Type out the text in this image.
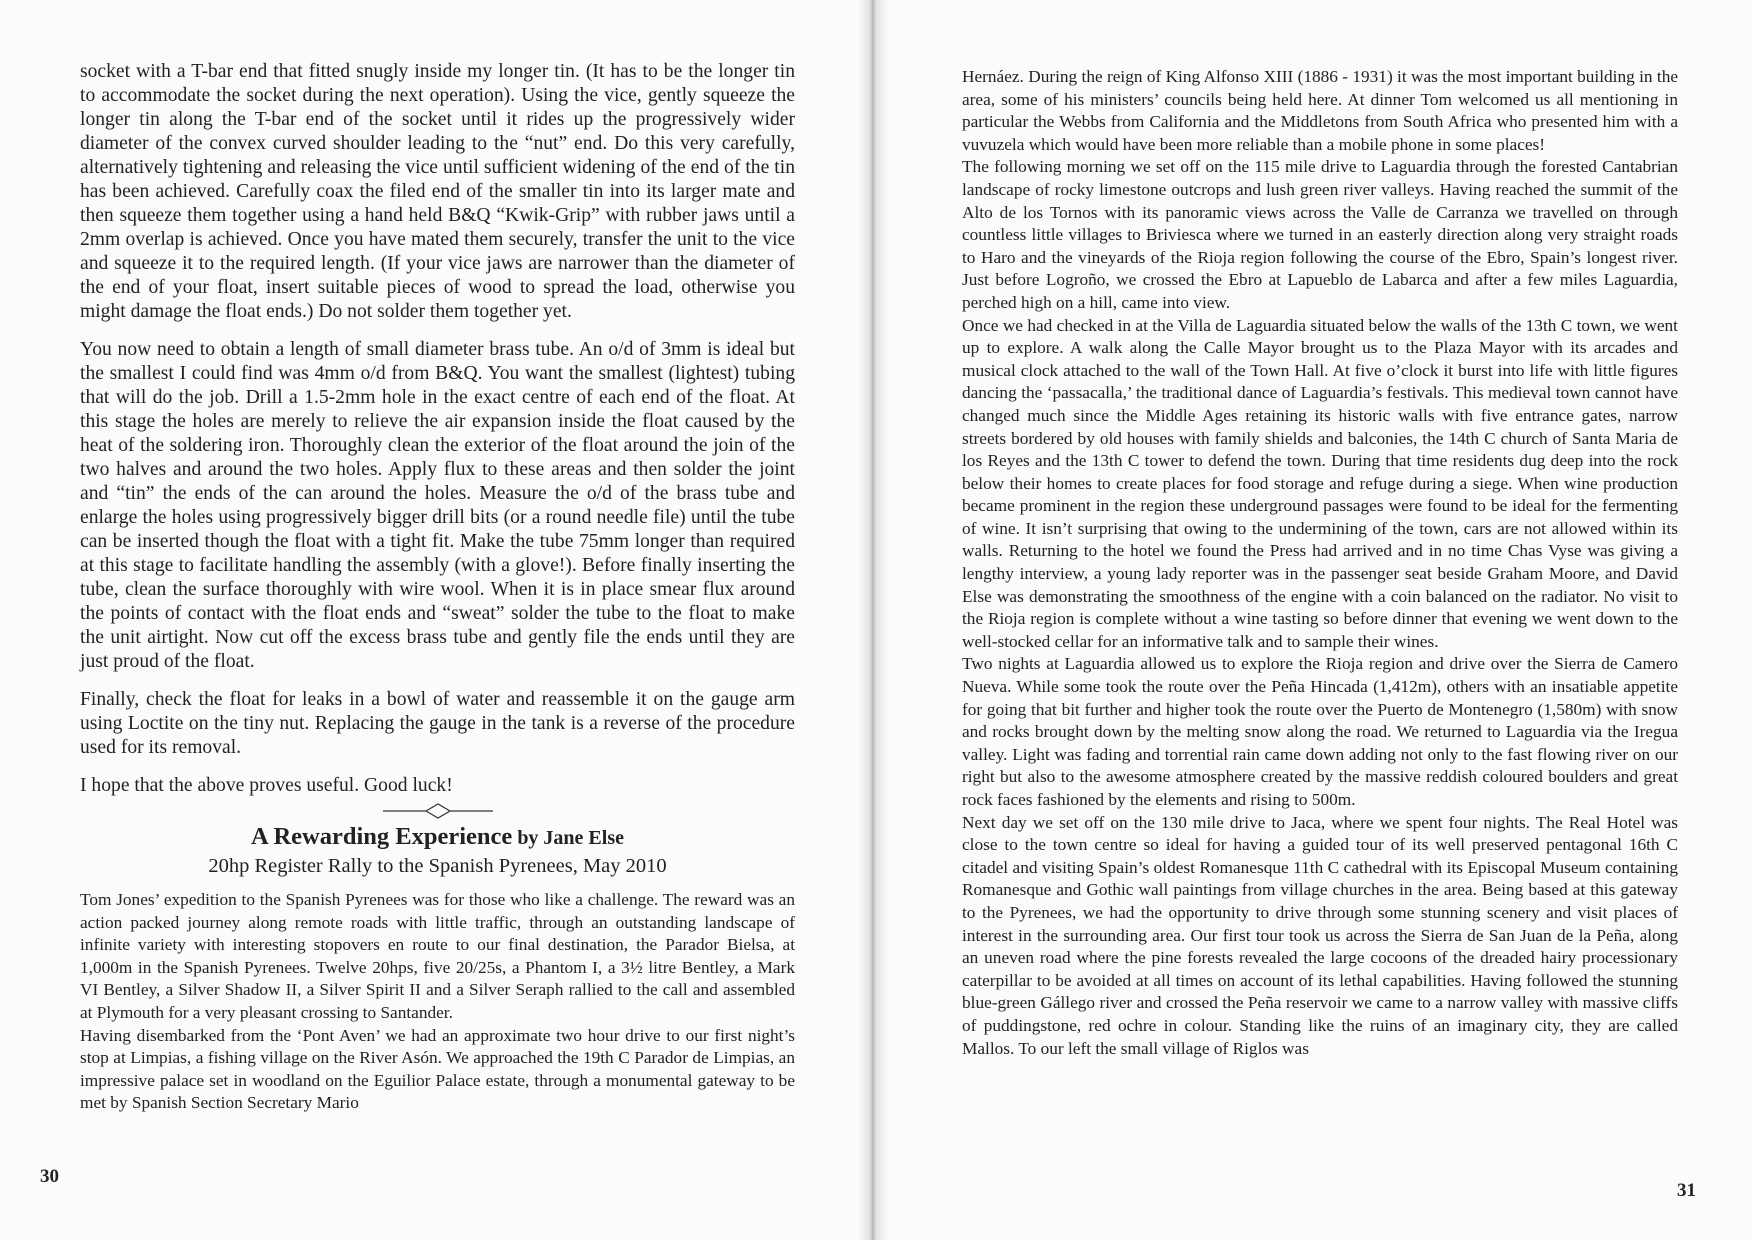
socket with a T-bar end that fitted snugly inside my longer tin. (It has to be the longer tin to accommodate the socket during the next operation). Using the vice, gently squeeze the longer tin along the T-bar end of the socket until it rides up the progressively wider diameter of the convex curved shoulder leading to the “nut” end. Do this very carefully, alternatively tightening and releasing the vice until sufficient widening of the end of the tin has been achieved. Carefully coax the filed end of the smaller tin into its larger mate and then squeeze them together using a hand held B&Q “Kwik-Grip” with rubber jaws until a 2mm overlap is achieved. Once you have mated them securely, transfer the unit to the vice and squeeze it to the required length. (If your vice jaws are narrower than the diameter of the end of your float, insert suitable pieces of wood to spread the load, otherwise you might damage the float ends.) Do not solder them together yet.

You now need to obtain a length of small diameter brass tube. An o/d of 3mm is ideal but the smallest I could find was 4mm o/d from B&Q. You want the smallest (lightest) tubing that will do the job. Drill a 1.5-2mm hole in the exact centre of each end of the float. At this stage the holes are merely to relieve the air expansion inside the float caused by the heat of the soldering iron. Thoroughly clean the exterior of the float around the join of the two halves and around the two holes. Apply flux to these areas and then solder the joint and “tin” the ends of the can around the holes. Measure the o/d of the brass tube and enlarge the holes using progressively bigger drill bits (or a round needle file) until the tube can be inserted though the float with a tight fit. Make the tube 75mm longer than required at this stage to facilitate handling the assembly (with a glove!). Before finally inserting the tube, clean the surface thoroughly with wire wool. When it is in place smear flux around the points of contact with the float ends and “sweat” solder the tube to the float to make the unit airtight. Now cut off the excess brass tube and gently file the ends until they are just proud of the float.

Finally, check the float for leaks in a bowl of water and reassemble it on the gauge arm using Loctite on the tiny nut. Replacing the gauge in the tank is a reverse of the procedure used for its removal.

I hope that the above proves useful. Good luck!

A Rewarding Experience by Jane Else
20hp Register Rally to the Spanish Pyrenees, May 2010

Tom Jones’ expedition to the Spanish Pyrenees was for those who like a challenge. The reward was an action packed journey along remote roads with little traffic, through an outstanding landscape of infinite variety with interesting stopovers en route to our final destination, the Parador Bielsa, at 1,000m in the Spanish Pyrenees. Twelve 20hps, five 20/25s, a Phantom I, a 3½ litre Bentley, a Mark VI Bentley, a Silver Shadow II, a Silver Spirit II and a Silver Seraph rallied to the call and assembled at Plymouth for a very pleasant crossing to Santander.

Having disembarked from the ‘Pont Aven’ we had an approximate two hour drive to our first night’s stop at Limpias, a fishing village on the River Asón. We approached the 19th C Parador de Limpias, an impressive palace set in woodland on the Eguilior Palace estate, through a monumental gateway to be met by Spanish Section Secretary Mario

30

Hernáez. During the reign of King Alfonso XIII (1886 - 1931) it was the most important building in the area, some of his ministers’ councils being held here. At dinner Tom welcomed us all mentioning in particular the Webbs from California and the Middletons from South Africa who presented him with a vuvuzela which would have been more reliable than a mobile phone in some places!

The following morning we set off on the 115 mile drive to Laguardia through the forested Cantabrian landscape of rocky limestone outcrops and lush green river valleys. Having reached the summit of the Alto de los Tornos with its panoramic views across the Valle de Carranza we travelled on through countless little villages to Briviesca where we turned in an easterly direction along very straight roads to Haro and the vineyards of the Rioja region following the course of the Ebro, Spain’s longest river. Just before Logroño, we crossed the Ebro at Lapueblo de Labarca and after a few miles Laguardia, perched high on a hill, came into view.

Once we had checked in at the Villa de Laguardia situated below the walls of the 13th C town, we went up to explore. A walk along the Calle Mayor brought us to the Plaza Mayor with its arcades and musical clock attached to the wall of the Town Hall. At five o’clock it burst into life with little figures dancing the ‘passacalla,’ the traditional dance of Laguardia’s festivals. This medieval town cannot have changed much since the Middle Ages retaining its historic walls with five entrance gates, narrow streets bordered by old houses with family shields and balconies, the 14th C church of Santa Maria de los Reyes and the 13th C tower to defend the town. During that time residents dug deep into the rock below their homes to create places for food storage and refuge during a siege. When wine production became prominent in the region these underground passages were found to be ideal for the fermenting of wine. It isn’t surprising that owing to the undermining of the town, cars are not allowed within its walls. Returning to the hotel we found the Press had arrived and in no time Chas Vyse was giving a lengthy interview, a young lady reporter was in the passenger seat beside Graham Moore, and David Else was demonstrating the smoothness of the engine with a coin balanced on the radiator. No visit to the Rioja region is complete without a wine tasting so before dinner that evening we went down to the well-stocked cellar for an informative talk and to sample their wines.

Two nights at Laguardia allowed us to explore the Rioja region and drive over the Sierra de Camero Nueva. While some took the route over the Peña Hincada (1,412m), others with an insatiable appetite for going that bit further and higher took the route over the Puerto de Montenegro (1,580m) with snow and rocks brought down by the melting snow along the road. We returned to Laguardia via the Iregua valley. Light was fading and torrential rain came down adding not only to the fast flowing river on our right but also to the awesome atmosphere created by the massive reddish coloured boulders and great rock faces fashioned by the elements and rising to 500m.

Next day we set off on the 130 mile drive to Jaca, where we spent four nights. The Real Hotel was close to the town centre so ideal for having a guided tour of its well preserved pentagonal 16th C citadel and visiting Spain’s oldest Romanesque 11th C cathedral with its Episcopal Museum containing Romanesque and Gothic wall paintings from village churches in the area. Being based at this gateway to the Pyrenees, we had the opportunity to drive through some stunning scenery and visit places of interest in the surrounding area. Our first tour took us across the Sierra de San Juan de la Peña, along an uneven road where the pine forests revealed the large cocoons of the dreaded hairy processionary caterpillar to be avoided at all times on account of its lethal capabilities. Having followed the stunning blue-green Gállego river and crossed the Peña reservoir we came to a narrow valley with massive cliffs of puddingstone, red ochre in colour. Standing like the ruins of an imaginary city, they are called Mallos. To our left the small village of Riglos was

31
